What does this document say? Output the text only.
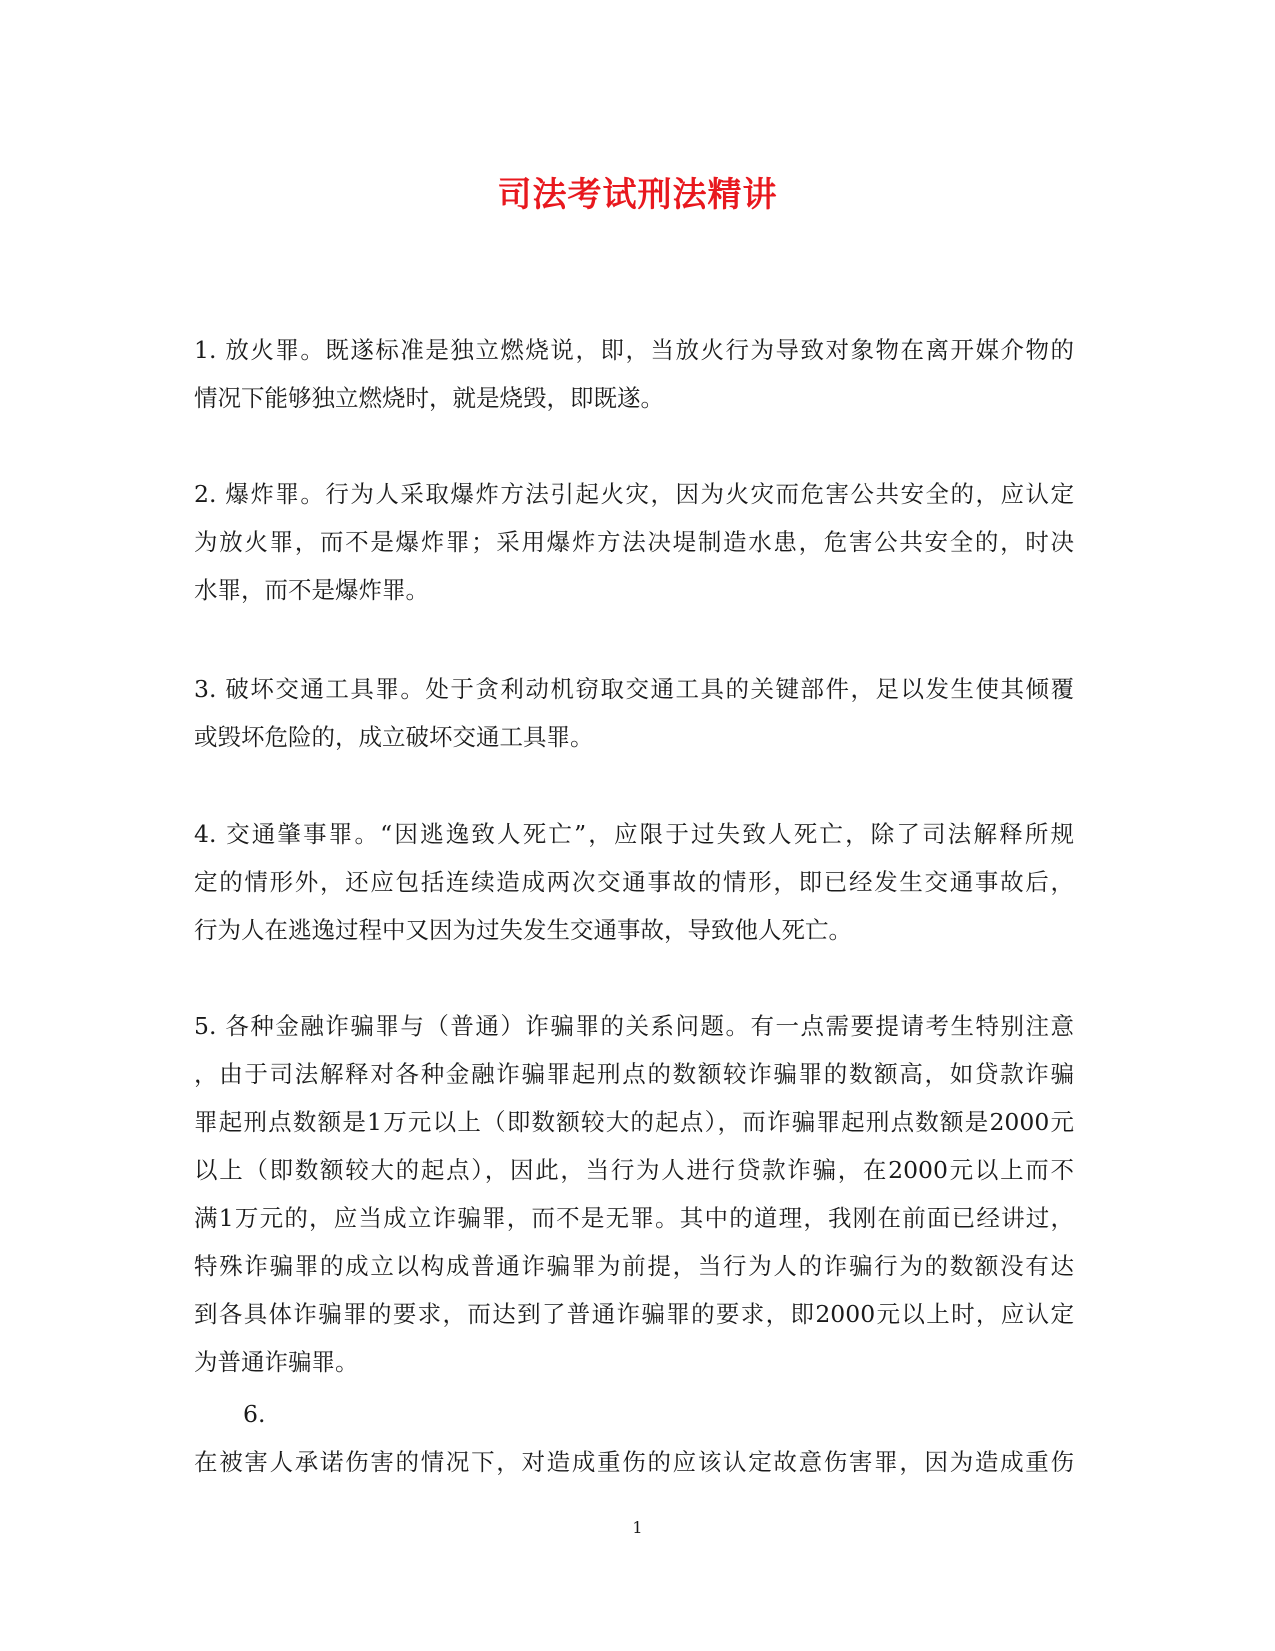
司法考试刑法精讲
1. 放火罪。既遂标准是独立燃烧说，即，当放火行为导致对象物在离开媒介物的
情况下能够独立燃烧时，就是烧毁，即既遂。
2. 爆炸罪。行为人采取爆炸方法引起火灾，因为火灾而危害公共安全的，应认定
为放火罪，而不是爆炸罪；采用爆炸方法决堤制造水患，危害公共安全的，时决
水罪，而不是爆炸罪。
3. 破坏交通工具罪。处于贪利动机窃取交通工具的关键部件，足以发生使其倾覆
或毁坏危险的，成立破坏交通工具罪。
4. 交通肇事罪。“因逃逸致人死亡”，应限于过失致人死亡，除了司法解释所规
定的情形外，还应包括连续造成两次交通事故的情形，即已经发生交通事故后，
行为人在逃逸过程中又因为过失发生交通事故，导致他人死亡。
5. 各种金融诈骗罪与（普通）诈骗罪的关系问题。有一点需要提请考生特别注意
，由于司法解释对各种金融诈骗罪起刑点的数额较诈骗罪的数额高，如贷款诈骗
罪起刑点数额是1万元以上（即数额较大的起点），而诈骗罪起刑点数额是2000元
以上（即数额较大的起点），因此，当行为人进行贷款诈骗，在2000元以上而不
满1万元的，应当成立诈骗罪，而不是无罪。其中的道理，我刚在前面已经讲过，
特殊诈骗罪的成立以构成普通诈骗罪为前提，当行为人的诈骗行为的数额没有达
到各具体诈骗罪的要求，而达到了普通诈骗罪的要求，即2000元以上时，应认定
为普通诈骗罪。
6.
在被害人承诺伤害的情况下，对造成重伤的应该认定故意伤害罪，因为造成重伤
1
